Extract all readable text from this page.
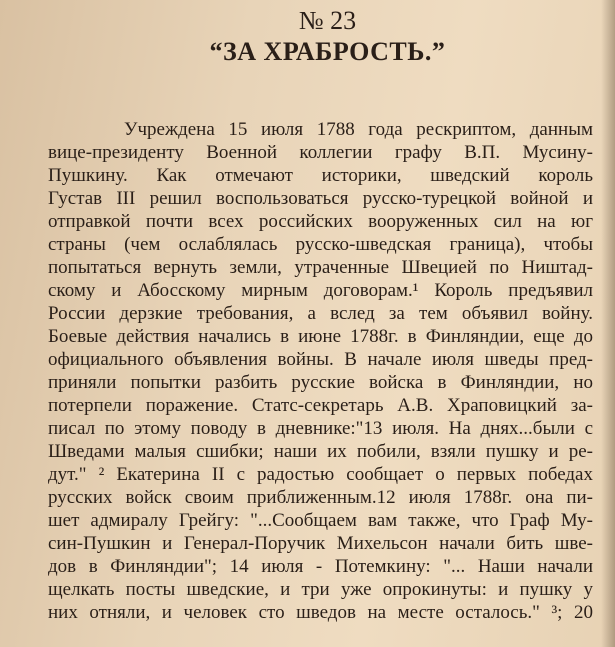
№ 23
“ЗА ХРАБРОСТЬ.”
Учреждена 15 июля 1788 года рескриптом, данным
вице-президенту Военной коллегии графу В.П. Мусину-
Пушкину. Как отмечают историки, шведский король
Густав III решил воспользоваться русско-турецкой войной и
отправкой почти всех российских вооруженных сил на юг
страны (чем ослаблялась русско-шведская граница), чтобы
попытаться вернуть земли, утраченные Швецией по Ништад-
скому и Абосскому мирным договорам.¹ Король предъявил
России дерзкие требования, а вслед за тем объявил войну.
Боевые действия начались в июне 1788г. в Финляндии, еще до
официального объявления войны. В начале июля шведы пред-
приняли попытки разбить русские войска в Финляндии, но
потерпели поражение. Статс-секретарь А.В. Храповицкий за-
писал по этому поводу в дневнике:"13 июля. На днях...были с
Шведами малыя сшибки; наши их побили, взяли пушку и ре-
дут." ² Екатерина II с радостью сообщает о первых победах
русских войск своим приближенным.12 июля 1788г. она пи-
шет адмиралу Грейгу: "...Сообщаем вам также, что Граф Му-
син-Пушкин и Генерал-Поручик Михельсон начали бить шве-
дов в Финляндии"; 14 июля - Потемкину: "... Наши начали
щелкать посты шведские, и три уже опрокинуты: и пушку у
них отняли, и человек сто шведов на месте осталось." ³; 20
